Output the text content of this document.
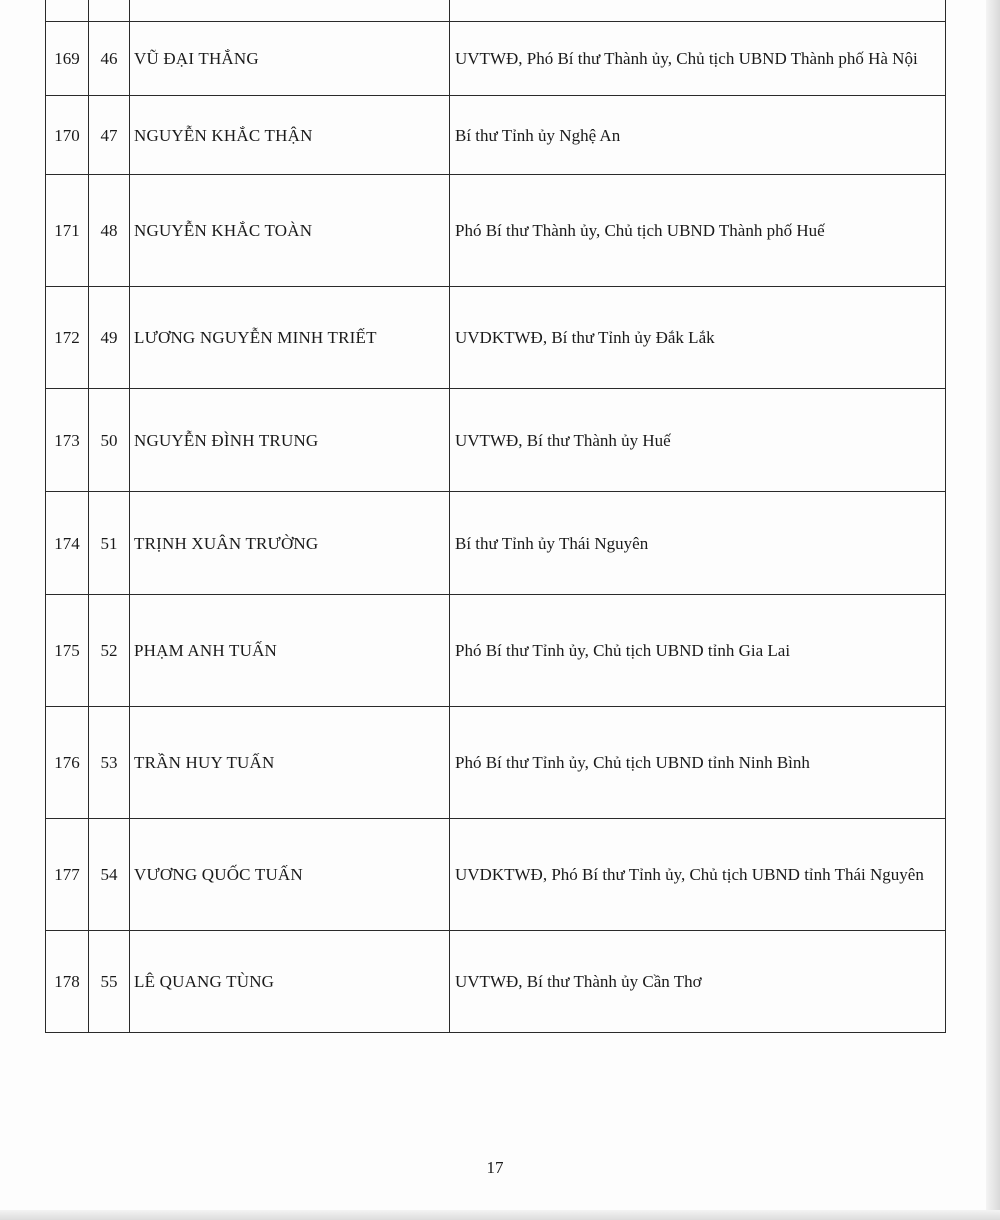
169	46	VŨ ĐẠI THẮNG	UVTWĐ, Phó Bí thư Thành ủy, Chủ tịch UBND Thành phố Hà Nội

170	47	NGUYỄN KHẮC THẬN	Bí thư Tỉnh ủy Nghệ An

171	48	NGUYỄN KHẮC TOÀN	Phó Bí thư Thành ủy, Chủ tịch UBND Thành phố Huế

172	49	LƯƠNG NGUYỄN MINH TRIẾT	UVDKTWĐ, Bí thư Tỉnh ủy Đắk Lắk

173	50	NGUYỄN ĐÌNH TRUNG	UVTWĐ, Bí thư Thành ủy Huế

174	51	TRỊNH XUÂN TRƯỜNG	Bí thư Tỉnh ủy Thái Nguyên

175	52	PHẠM ANH TUẤN	Phó Bí thư Tỉnh ủy, Chủ tịch UBND tỉnh Gia Lai

176	53	TRẦN HUY TUẤN	Phó Bí thư Tỉnh ủy, Chủ tịch UBND tỉnh Ninh Bình

177	54	VƯƠNG QUỐC TUẤN	UVDKTWĐ, Phó Bí thư Tỉnh ủy, Chủ tịch UBND tỉnh Thái Nguyên

178	55	LÊ QUANG TÙNG	UVTWĐ, Bí thư Thành ủy Cần Thơ
17
